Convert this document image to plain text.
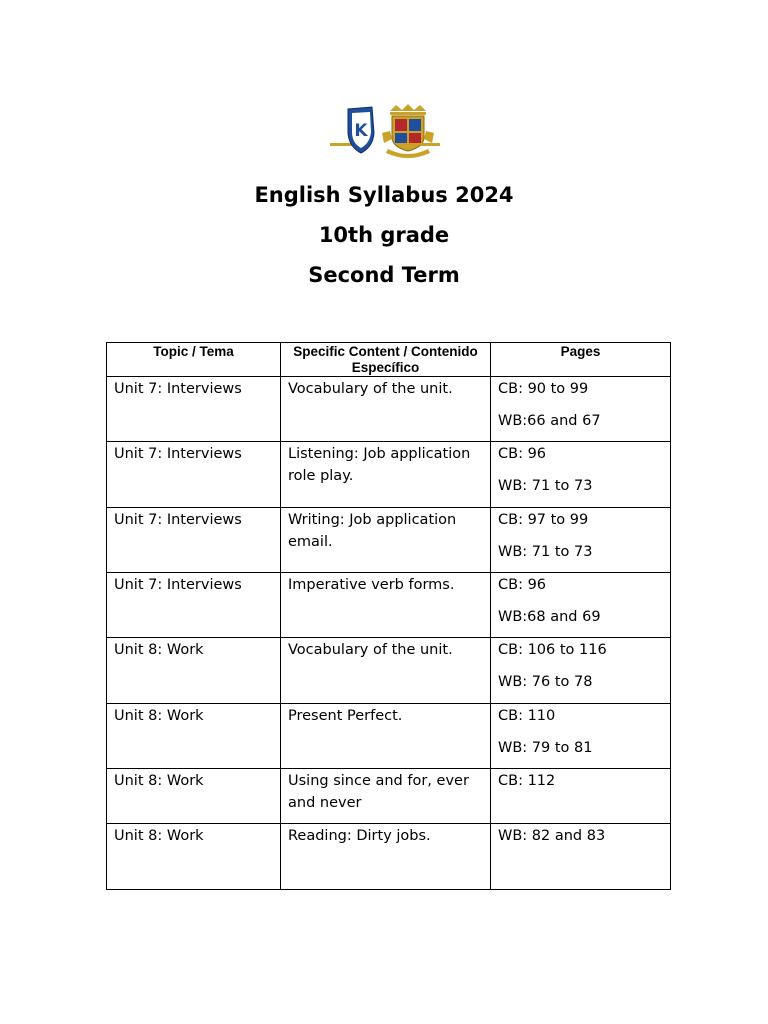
K
English Syllabus 2024
10th grade
Second Term
Topic / Tema	Specific Content / Contenido Específico	Pages
Unit 7: Interviews	Vocabulary of the unit.	CB: 90 to 99
WB:66 and 67

Unit 7: Interviews	Listening: Job application role play.	CB: 96
WB: 71 to 73

Unit 7: Interviews	Writing: Job application email.	CB: 97 to 99
WB: 71 to 73

Unit 7: Interviews	Imperative verb forms.	CB: 96
WB:68 and 69

Unit 8: Work	Vocabulary of the unit.	CB: 106 to 116
WB: 76 to 78

Unit 8: Work	Present Perfect.	CB: 110
WB: 79 to 81

Unit 8: Work	Using since and for, ever and never	CB: 112

Unit 8: Work	Reading: Dirty jobs.	WB: 82 and 83
